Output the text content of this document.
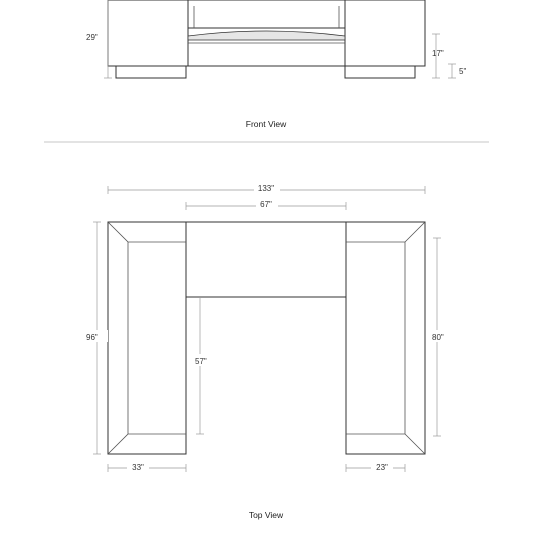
29"
17"
5"
Front View
133"
67"
96"	80"
57"
33"	23"
Top View
